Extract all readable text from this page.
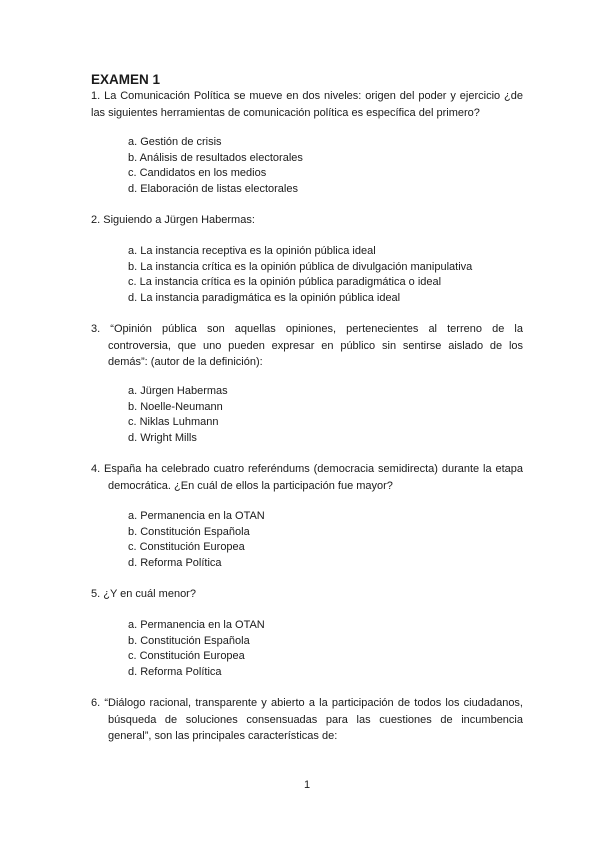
EXAMEN 1

1. La Comunicación Política se mueve en dos niveles: origen del poder y ejercicio ¿de
las siguientes herramientas de comunicación política es específica del primero?

a. Gestión de crisis
b. Análisis de resultados electorales
c. Candidatos en los medios
d. Elaboración de listas electorales

2. Siguiendo a Jürgen Habermas:

a. La instancia receptiva es la opinión pública ideal
b. La instancia crítica es la opinión pública de divulgación manipulativa
c. La instancia crítica es la opinión pública paradigmática o ideal
d. La instancia paradigmática es la opinión pública ideal

3. “Opinión pública son aquellas opiniones, pertenecientes al terreno de la
controversia, que uno pueden expresar en público sin sentirse aislado de los
demás”: (autor de la definición):

a. Jürgen Habermas
b. Noelle-Neumann
c. Niklas Luhmann
d. Wright Mills

4. España ha celebrado cuatro referéndums (democracia semidirecta) durante la etapa
democrática. ¿En cuál de ellos la participación fue mayor?

a. Permanencia en la OTAN
b. Constitución Española
c. Constitución Europea
d. Reforma Política

5. ¿Y en cuál menor?

a. Permanencia en la OTAN
b. Constitución Española
c. Constitución Europea
d. Reforma Política

6. “Diálogo racional, transparente y abierto a la participación de todos los ciudadanos,
búsqueda de soluciones consensuadas para las cuestiones de incumbencia
general”, son las principales características de:

1
